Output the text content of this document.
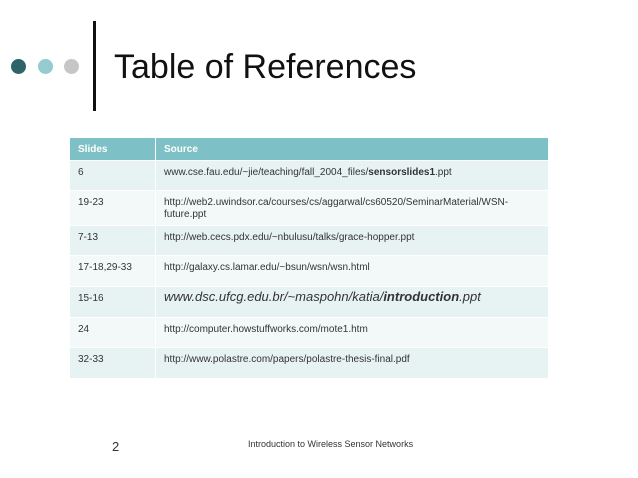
Table of References
Slides	Source
6	www.cse.fau.edu/~jie/teaching/fall_2004_files/sensorslides1.ppt
19-23	http://web2.uwindsor.ca/courses/cs/aggarwal/cs60520/SeminarMaterial/WSN-future.ppt
7-13	http://web.cecs.pdx.edu/~nbulusu/talks/grace-hopper.ppt
17-18,29-33	http://galaxy.cs.lamar.edu/~bsun/wsn/wsn.html
15-16	www.dsc.ufcg.edu.br/~maspohn/katia/introduction.ppt
24	http://computer.howstuffworks.com/mote1.htm
32-33	http://www.polastre.com/papers/polastre-thesis-final.pdf
2	Introduction to Wireless Sensor Networks
